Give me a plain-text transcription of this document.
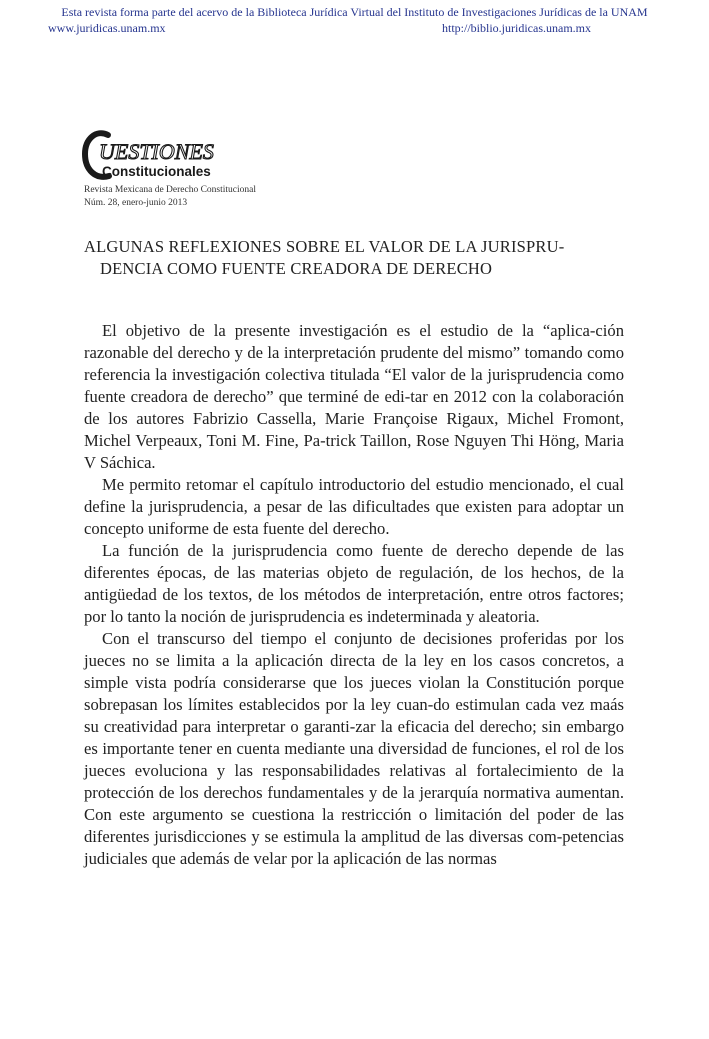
Esta revista forma parte del acervo de la Biblioteca Jurídica Virtual del Instituto de Investigaciones Jurídicas de la UNAM
www.juridicas.unam.mx	http://biblio.juridicas.unam.mx
UESTIONES
Constitucionales
Revista Mexicana de Derecho Constitucional
Núm. 28, enero-junio 2013
ALGUNAS REFLEXIONES SOBRE EL VALOR DE LA JURISPRU-
DENCIA COMO FUENTE CREADORA DE DERECHO

El objetivo de la presente investigación es el estudio de la “aplica-ción razonable del derecho y de la interpretación prudente del mismo” tomando como referencia la investigación colectiva titulada “El valor de la jurisprudencia como fuente creadora de derecho” que terminé de edi-tar en 2012 con la colaboración de los autores Fabrizio Cassella, Marie Françoise Rigaux, Michel Fromont, Michel Verpeaux, Toni M. Fine, Pa-trick Taillon, Rose Nguyen Thi Höng, Maria V Sáchica.

Me permito retomar el capítulo introductorio del estudio mencionado, el cual define la jurisprudencia, a pesar de las dificultades que existen para adoptar un concepto uniforme de esta fuente del derecho.

La función de la jurisprudencia como fuente de derecho depende de las diferentes épocas, de las materias objeto de regulación, de los hechos, de la antigüedad de los textos, de los métodos de interpretación, entre otros factores; por lo tanto la noción de jurisprudencia es indeterminada y aleatoria.

Con el transcurso del tiempo el conjunto de decisiones proferidas por los jueces no se limita a la aplicación directa de la ley en los casos concretos, a simple vista podría considerarse que los jueces violan la Constitución porque sobrepasan los límites establecidos por la ley cuan-do estimulan cada vez maás su creatividad para interpretar o garanti-zar la eficacia del derecho; sin embargo es importante tener en cuenta mediante una diversidad de funciones, el rol de los jueces evoluciona y las responsabilidades relativas al fortalecimiento de la protección de los derechos fundamentales y de la jerarquía normativa aumentan. Con este argumento se cuestiona la restricción o limitación del poder de las diferentes jurisdicciones y se estimula la amplitud de las diversas com-petencias judiciales que además de velar por la aplicación de las normas
